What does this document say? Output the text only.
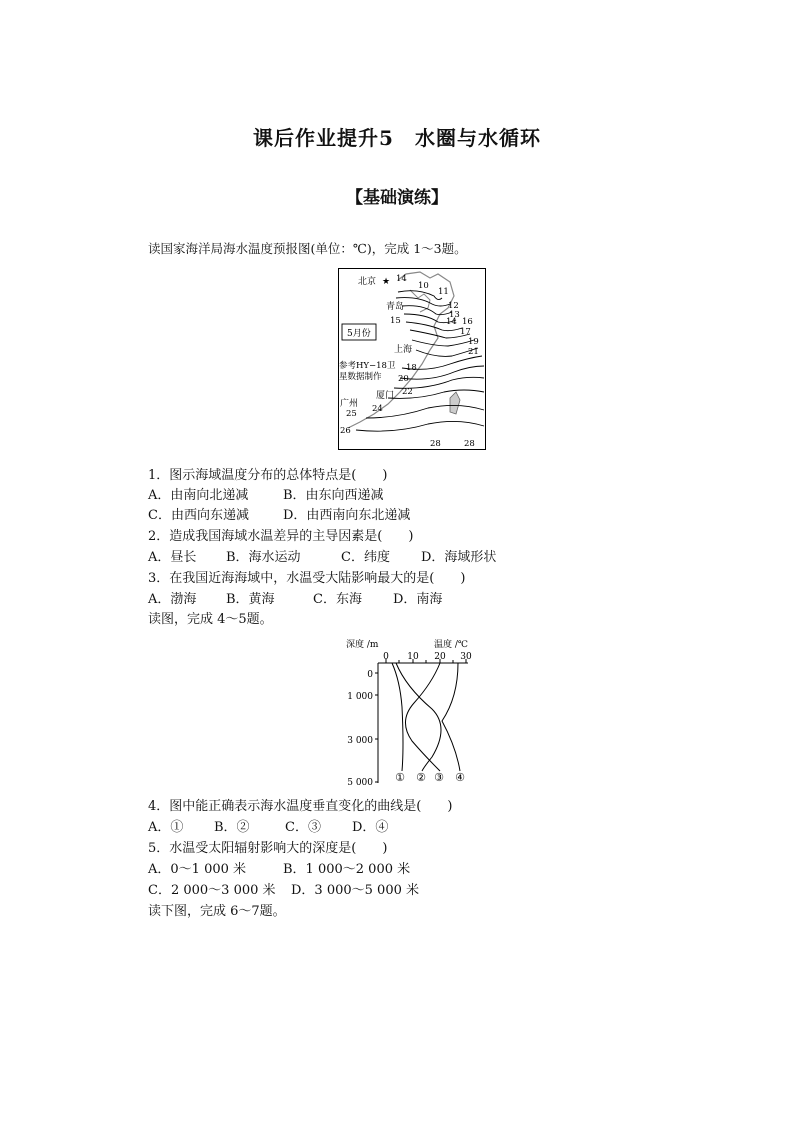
课后作业提升5　水圈与水循环
【基础演练】
读国家海洋局海水温度预报图(单位：℃)，完成 1～3题。
★
北京
青岛
上海
厦门
广州
5月份
参考HY−18卫
星数据制作
14
10
11
12
13
14
15	16
17
19
21
18
20
22
24
25
26
28	28
1．图示海域温度分布的总体特点是(　　)
A．由南向北递减	B．由东向西递减
C．由西向东递减	D．由西南向东北递减
2．造成我国海域水温差异的主导因素是(　　)
A．昼长 B．海水运动	C．纬度 D．海域形状
3．在我国近海海域中，水温受大陆影响最大的是(　　)
A．渤海 B．黄海	C．东海 D．南海
读图，完成 4～5题。
深度 /m	温度 /℃
0 10 20 30
0
1 000
3 000
5 000 ① ② ③ ④
4．图中能正确表示海水温度垂直变化的曲线是(　　)
A．① B．②	C．③ D．④
5．水温受太阳辐射影响大的深度是(　　)
A．0～1 000 米	B．1 000～2 000 米
C．2 000～3 000 米 D．3 000～5 000 米
读下图，完成 6～7题。
